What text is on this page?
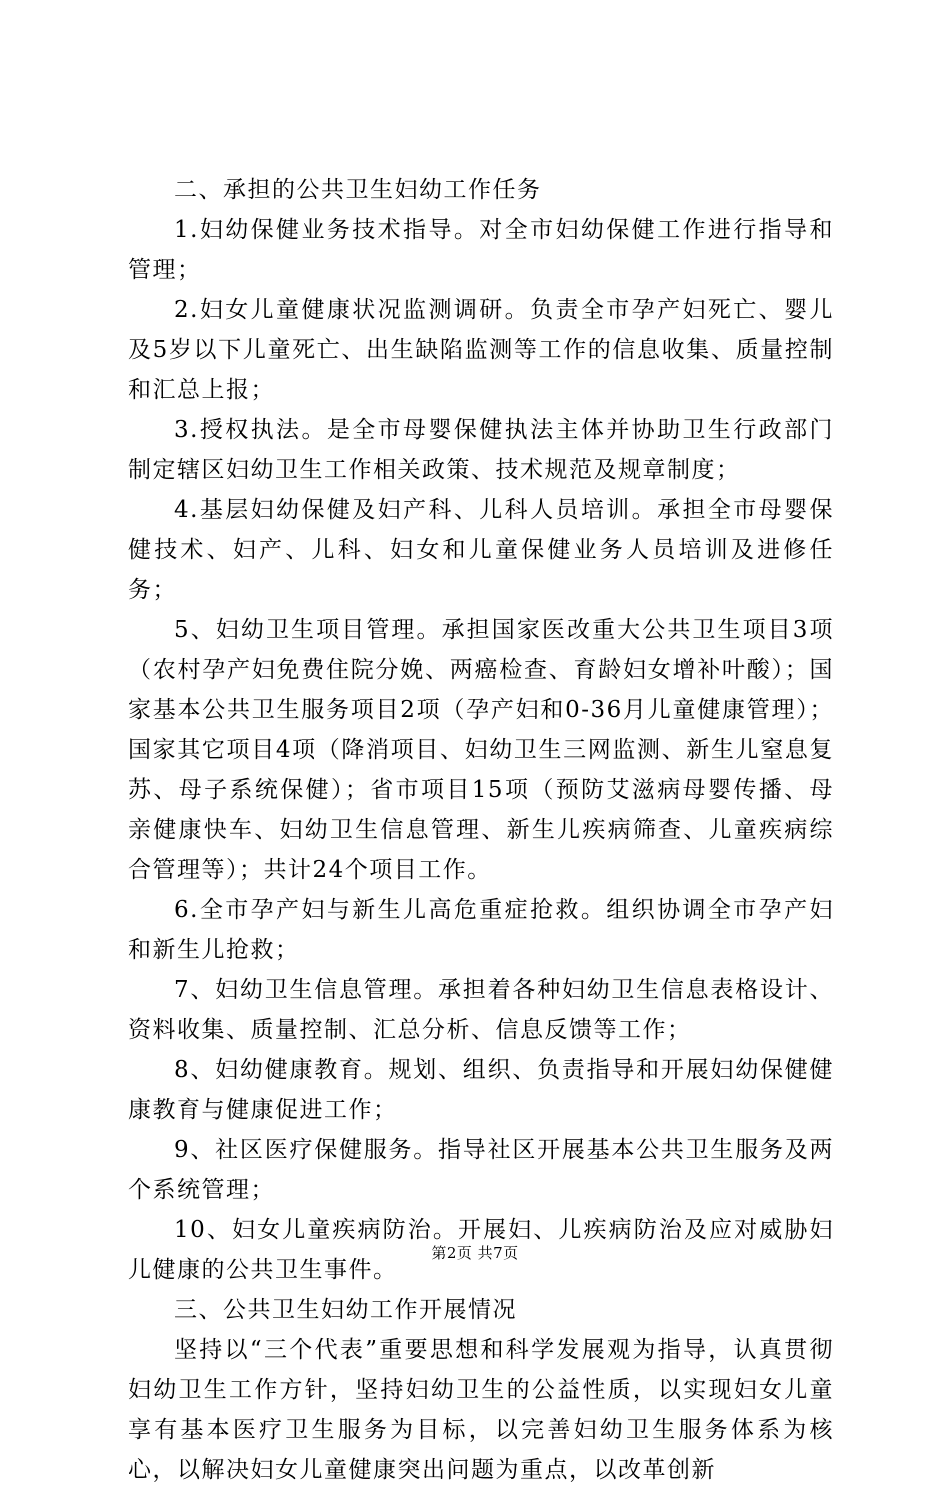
二、承担的公共卫生妇幼工作任务

1.妇幼保健业务技术指导。对全市妇幼保健工作进行指导和管理；

2.妇女儿童健康状况监测调研。负责全市孕产妇死亡、婴儿及5岁以下儿童死亡、出生缺陷监测等工作的信息收集、质量控制和汇总上报；

3.授权执法。是全市母婴保健执法主体并协助卫生行政部门制定辖区妇幼卫生工作相关政策、技术规范及规章制度；

4.基层妇幼保健及妇产科、儿科人员培训。承担全市母婴保健技术、妇产、儿科、妇女和儿童保健业务人员培训及进修任务；

5、妇幼卫生项目管理。承担国家医改重大公共卫生项目3项（农村孕产妇免费住院分娩、两癌检查、育龄妇女增补叶酸）；国家基本公共卫生服务项目2项（孕产妇和0-36月儿童健康管理）；国家其它项目4项（降消项目、妇幼卫生三网监测、新生儿窒息复苏、母子系统保健）；省市项目15项（预防艾滋病母婴传播、母亲健康快车、妇幼卫生信息管理、新生儿疾病筛查、儿童疾病综合管理等）；共计24个项目工作。

6.全市孕产妇与新生儿高危重症抢救。组织协调全市孕产妇和新生儿抢救；

7、妇幼卫生信息管理。承担着各种妇幼卫生信息表格设计、资料收集、质量控制、汇总分析、信息反馈等工作；

8、妇幼健康教育。规划、组织、负责指导和开展妇幼保健健康教育与健康促进工作；

9、社区医疗保健服务。指导社区开展基本公共卫生服务及两个系统管理；

10、妇女儿童疾病防治。开展妇、儿疾病防治及应对威胁妇儿健康的公共卫生事件。

三、公共卫生妇幼工作开展情况

坚持以“三个代表”重要思想和科学发展观为指导，认真贯彻妇幼卫生工作方针，坚持妇幼卫生的公益性质，以实现妇女儿童享有基本医疗卫生服务为目标，以完善妇幼卫生服务体系为核心，以解决妇女儿童健康突出问题为重点，以改革创新

第2页 共7页
